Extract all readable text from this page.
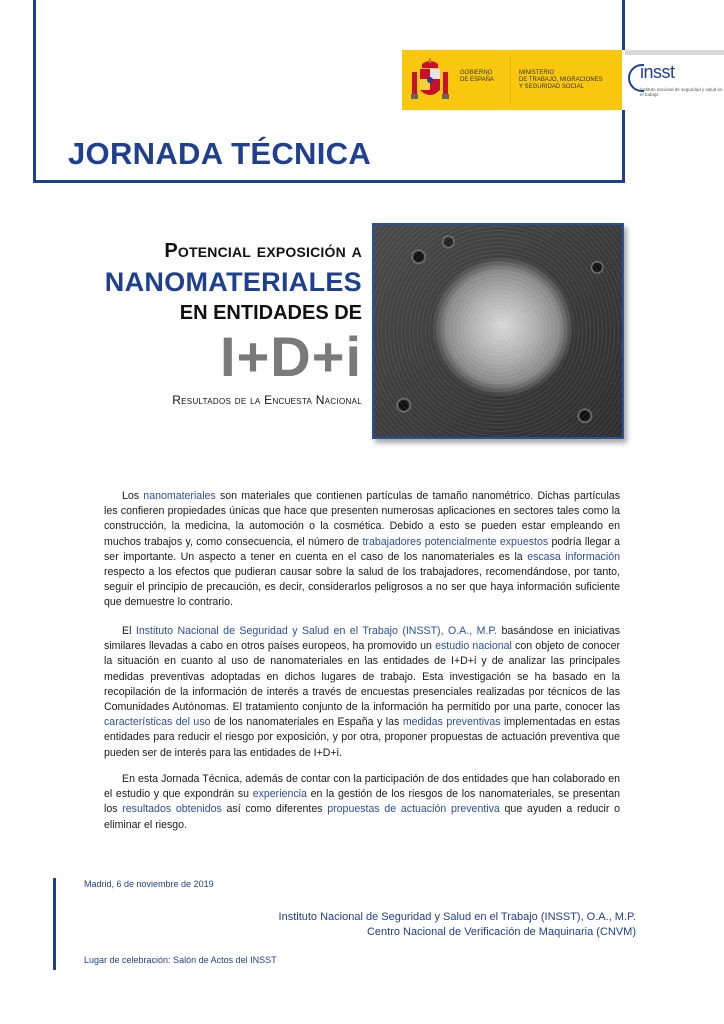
GOBIERNO
DE ESPAÑA
MINISTERIO
DE TRABAJO, MIGRACIONES
Y SEGURIDAD SOCIAL
insst
instituto nacional de seguridad y salud en el trabajo
JORNADA TÉCNICA
Potencial exposición a
NANOMATERIALES
EN ENTIDADES DE
I+D+i
Resultados de la Encuesta Nacional

Los nanomateriales son materiales que contienen partículas de tamaño nanométrico. Dichas partículas les confieren propiedades únicas que hace que presenten numerosas aplicaciones en sectores tales como la construcción, la medicina, la automoción o la cosmética. Debido a esto se pueden estar empleando en muchos trabajos y, como consecuencia, el número de trabajadores potencialmente expuestos podría llegar a ser importante. Un aspecto a tener en cuenta en el caso de los nanomateriales es la escasa información respecto a los efectos que pudieran causar sobre la salud de los trabajadores, recomendándose, por tanto, seguir el principio de precaución, es decir, considerarlos peligrosos a no ser que haya información suficiente que demuestre lo contrario.

El Instituto Nacional de Seguridad y Salud en el Trabajo (INSST), O.A., M.P. basándose en iniciativas similares llevadas a cabo en otros países europeos, ha promovido un estudio nacional con objeto de conocer la situación en cuanto al uso de nanomateriales en las entidades de I+D+i y de analizar las principales medidas preventivas adoptadas en dichos lugares de trabajo. Esta investigación se ha basado en la recopilación de la información de interés a través de encuestas presenciales realizadas por técnicos de las Comunidades Autónomas. El tratamiento conjunto de la información ha permitido por una parte, conocer las características del uso de los nanomateriales en España y las medidas preventivas implementadas en estas entidades para reducir el riesgo por exposición, y por otra, proponer propuestas de actuación preventiva que pueden ser de interés para las entidades de I+D+i.

En esta Jornada Técnica, además de contar con la participación de dos entidades que han colaborado en el estudio y que expondrán su experiencia en la gestión de los riesgos de los nanomateriales, se presentan los resultados obtenidos así como diferentes propuestas de actuación preventiva que ayuden a reducir o eliminar el riesgo.

Madrid, 6 de noviembre de 2019
Instituto Nacional de Seguridad y Salud en el Trabajo (INSST), O.A., M.P.
Centro Nacional de Verificación de Maquinaria (CNVM)
Lugar de celebración: Salón de Actos del INSST
